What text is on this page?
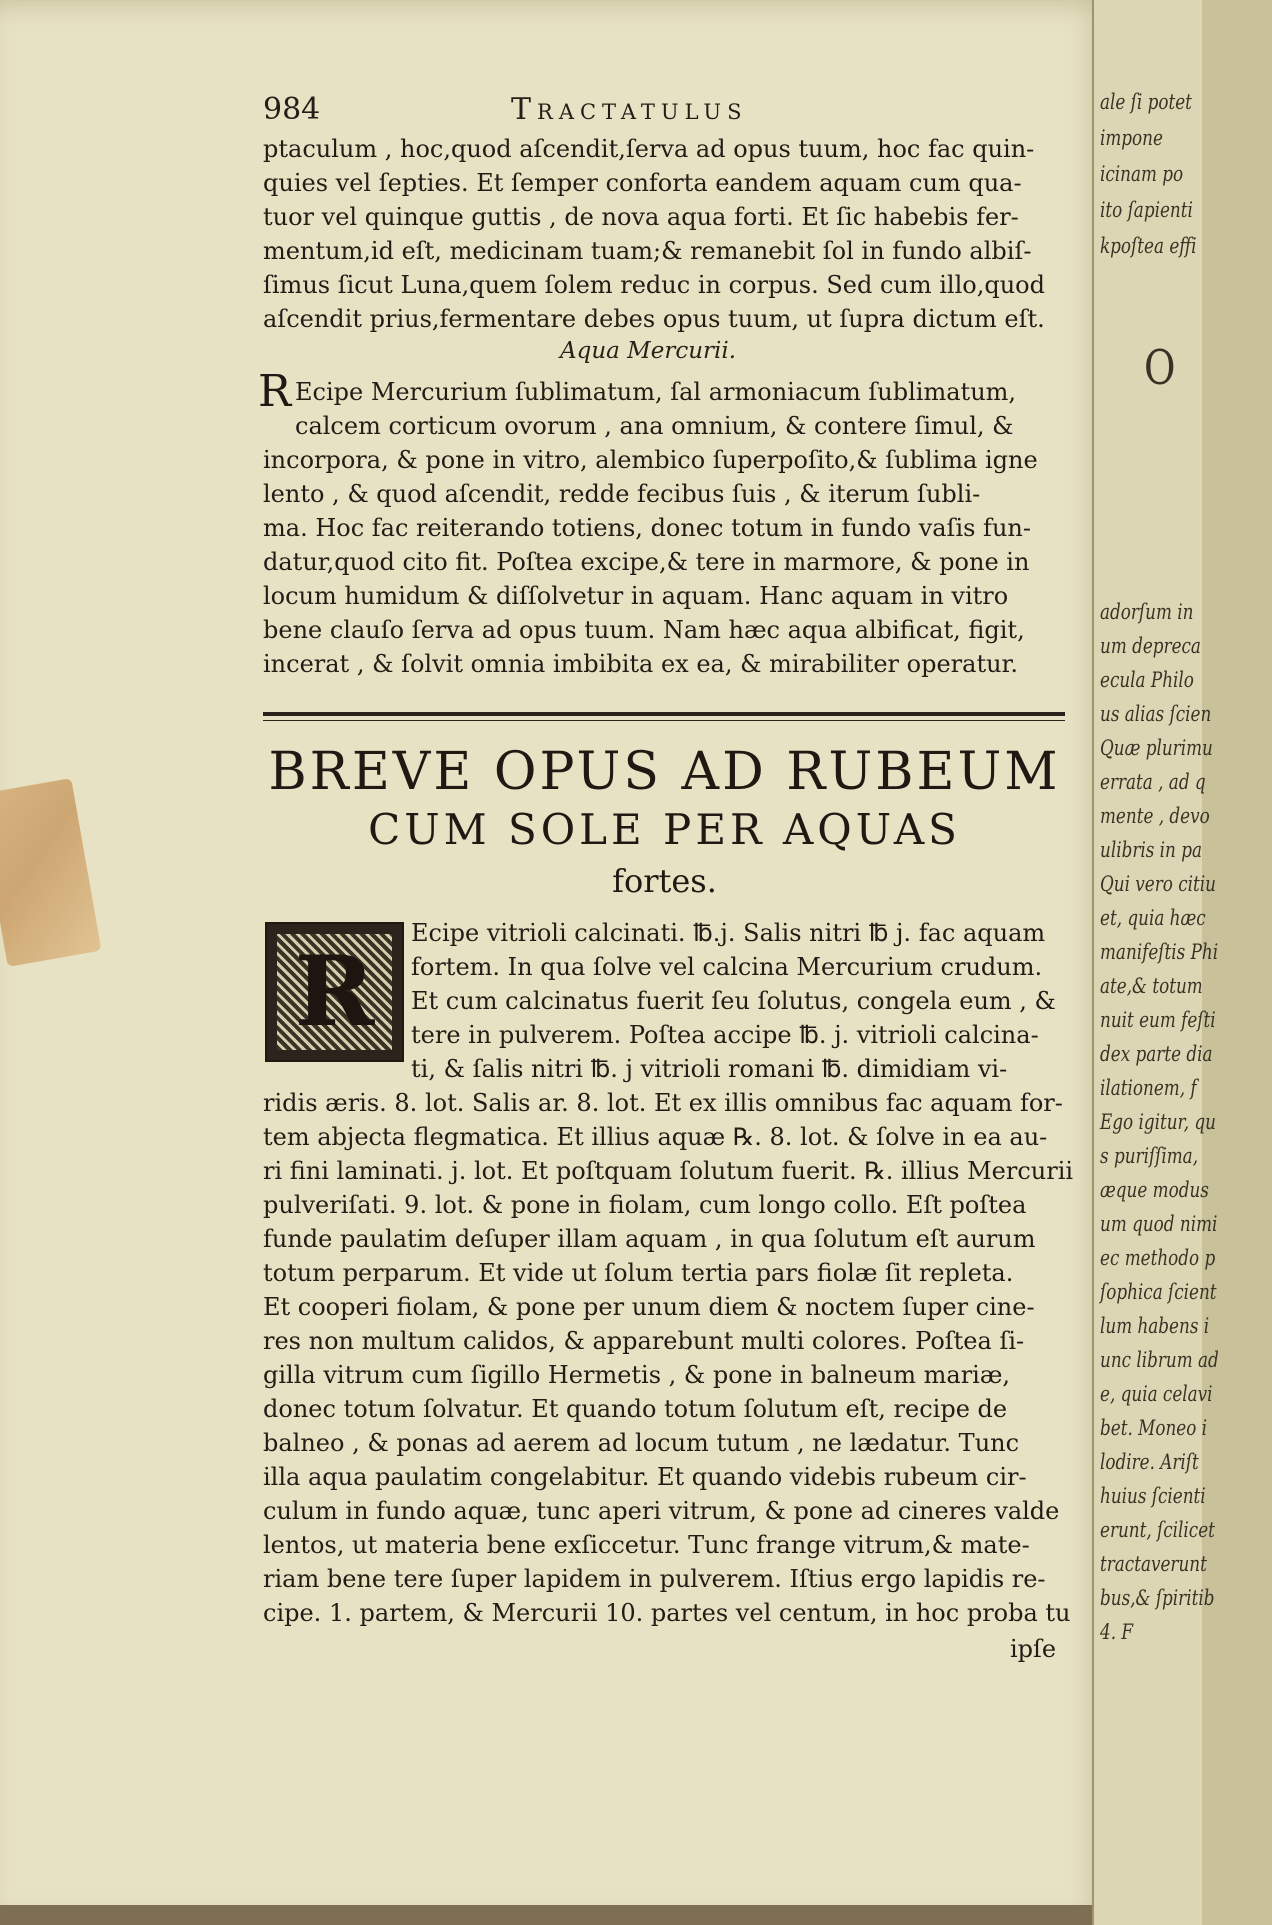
984	Tractatulus
ptaculum , hoc,quod aſcendit,ſerva ad opus tuum, hoc fac quin-
quies vel ſepties. Et ſemper conforta eandem aquam cum qua-
tuor vel quinque guttis , de nova aqua forti. Et ſic habebis fer-
mentum,id eſt, medicinam tuam;& remanebit ſol in fundo albiſ-
ſimus ſicut Luna,quem ſolem reduc in corpus. Sed cum illo,quod
aſcendit prius,fermentare debes opus tuum, ut ſupra dictum eſt.
Aqua Mercurii.
Ecipe Mercurium ſublimatum, ſal armoniacum ſublimatum,
calcem corticum ovorum , ana omnium, & contere ſimul, &
incorpora, & pone in vitro, alembico ſuperpoſito,& ſublima igne
lento , & quod aſcendit, redde fecibus ſuis , & iterum ſubli-
ma. Hoc fac reiterando totiens, donec totum in fundo vaſis fun-
datur,quod cito fit. Poſtea excipe,& tere in marmore, & pone in
locum humidum & diſſolvetur in aquam. Hanc aquam in vitro
bene clauſo ſerva ad opus tuum. Nam hæc aqua albificat, figit,
incerat , & ſolvit omnia imbibita ex ea, & mirabiliter operatur.
R
BREVE OPUS AD RUBEUM
CUM SOLE PER AQUAS
fortes.
R
Ecipe vitrioli calcinati. ℔.j. Salis nitri ℔ j. fac aquam
fortem. In qua ſolve vel calcina Mercurium crudum.
Et cum calcinatus fuerit ſeu ſolutus, congela eum , &
tere in pulverem. Poſtea accipe ℔. j. vitrioli calcina-
ti, & ſalis nitri ℔. j vitrioli romani ℔. dimidiam vi-
ridis æris. 8. lot. Salis ar. 8. lot. Et ex illis omnibus fac aquam for-
tem abjecta flegmatica. Et illius aquæ ℞. 8. lot. & ſolve in ea au-
ri fini laminati. j. lot. Et poſtquam ſolutum fuerit. ℞. illius Mercurii
pulveriſati. 9. lot. & pone in fiolam, cum longo collo. Eſt poſtea
funde paulatim deſuper illam aquam , in qua ſolutum eſt aurum
totum perparum. Et vide ut ſolum tertia pars fiolæ ſit repleta.
Et cooperi fiolam, & pone per unum diem & noctem ſuper cine-
res non multum calidos, & apparebunt multi colores. Poſtea ſi-
gilla vitrum cum ſigillo Hermetis , & pone in balneum mariæ,
donec totum ſolvatur. Et quando totum ſolutum eſt, recipe de
balneo , & ponas ad aerem ad locum tutum , ne lædatur. Tunc
illa aqua paulatim congelabitur. Et quando videbis rubeum cir-
culum in fundo aquæ, tunc aperi vitrum, & pone ad cineres valde
lentos, ut materia bene exſiccetur. Tunc frange vitrum,& mate-
riam bene tere ſuper lapidem in pulverem. Iſtius ergo lapidis re-
cipe. 1. partem, & Mercurii 10. partes vel centum, in hoc proba tu
ipſe
ale ſi potet
impone
icinam po
ito ſapienti
kpoſtea effi
O
adorſum in
um depreca
ecula Philo
us alias ſcien
Quæ plurimu
errata , ad q
mente , devo
ulibris in pa
Qui vero citiu
et, quia hæc
manifeſtis Phi
ate,& totum
nuit eum feſti
dex parte dia
ilationem, f
Ego igitur, qu
s puriſſima,
æque modus
um quod nimi
ec methodo p
ſophica ſcient
lum habens i
unc librum ad
e, quia celavi
bet. Moneo i
lodire. Ariſt
huius ſcienti
erunt, ſcilicet
tractaverunt
bus,& ſpiritib
4. F
